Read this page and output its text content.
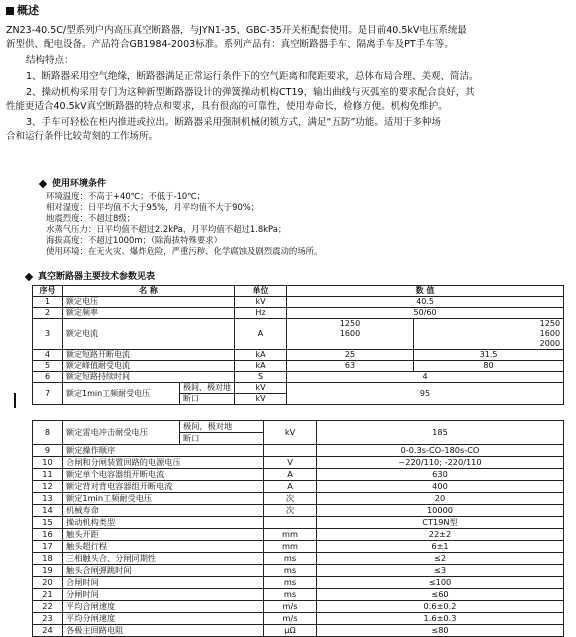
概述
ZN23-40.5C/型系列户内高压真空断路器，与JYN1-35、GBC-35开关柜配套使用。是目前40.5kV电压系统最
新型供、配电设备。产品符合GB1984-2003标准。系列产品有：真空断路器手车、隔离手车及PT手车等。
结构特点：
1、断路器采用空气绝缘，断路器满足正常运行条件下的空气距离和爬距要求，总体布局合理、美观、简洁。
2、操动机构采用专门为这种新型断路器设计的弹簧操动机构CT19，输出曲线与灭弧室的要求配合良好，其
性能更适合40.5kV真空断路器的特点和要求，具有很高的可靠性，使用寿命长，检修方便。机构免维护。
3、手车可轻松在柜内推进或拉出。断路器采用强制机械闭锁方式，满足“五防”功能。适用于多种场
合和运行条件比较苛刻的工作场所。
使用环境条件
环境温度：不高于+40℃；不低于-10℃；
相对湿度：日平均值不大于95%，月平均值不大于90%；
地震烈度：不超过8级；
水蒸气压力：日平均值不超过2.2kPa，月平均值不超过1.8kPa；
海拔高度：不超过1000m；（除海拔特殊要求）
使用环境：在无火灾、爆炸危险，严重污秽、化学腐蚀及剧烈震动的场所。
真空断路器主要技术参数见表
序号	名 称		单位	数 值	
1	额定电压		kV	40.5	
2	额定频率		Hz	50/60	
3	额定电流		A	1250	1250
				1600	1600
					2000
4	额定短路开断电流		kA	25	31.5
5	额定峰值耐受电流		kA	63	80
6	额定短路持续时间		S	4	
7	额定1min工频耐受电压	极间、极对地	kV	95	
		断口	kV		
8	额定雷电冲击耐受电压	极间，极对地	kV	185
		断口		
9	额定操作顺序			0-0.3s-CO-180s-CO
10	合闸和分闸装置回路的电源电压		V	~220/110; -220/110
11	额定单个电容器组开断电流		A	630
12	额定背对背电容器组开断电流		A	400
13	额定1min工频耐受电压		次	20
14	机械寿命		次	10000
15	操动机构类型			CT19N型
16	触头开距		mm	22±2
17	触头超行程		mm	6±1
18	三相触头合、分闸同期性		ms	≤2
19	触头合闸弹跳时间		ms	≤3
20	合闸时间		ms	≤100
21	分闸时间		ms	≤60
22	平均合闸速度		m/s	0.6±0.2
23	平均分闸速度		m/s	1.6±0.3
24	各极主回路电阻		μΩ	≤80
